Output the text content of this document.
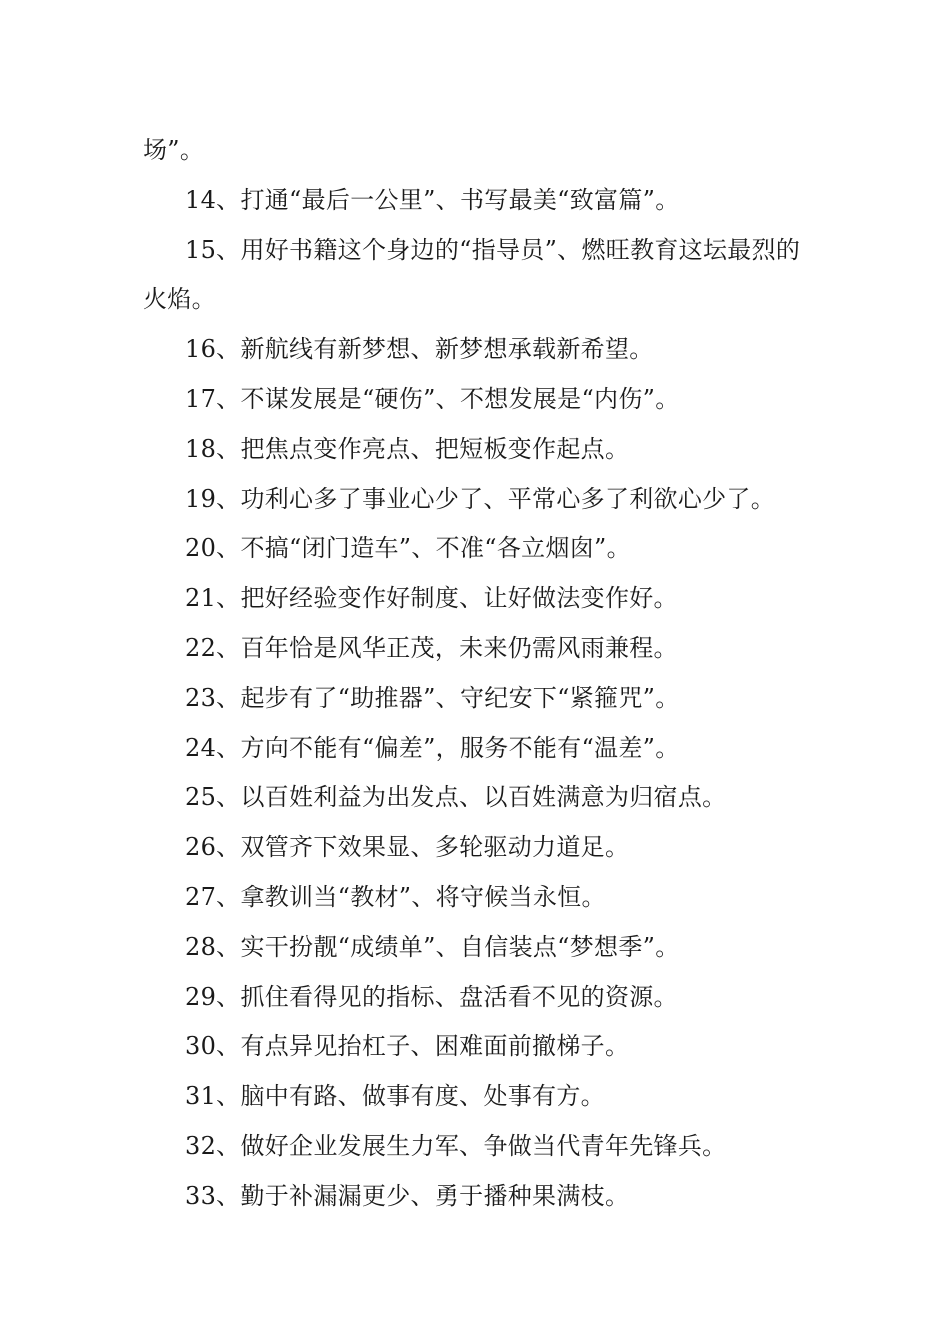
场”。

14、打通“最后一公里”、书写最美“致富篇”。

15、用好书籍这个身边的“指导员”、燃旺教育这坛最烈的火焰。

16、新航线有新梦想、新梦想承载新希望。

17、不谋发展是“硬伤”、不想发展是“内伤”。

18、把焦点变作亮点、把短板变作起点。

19、功利心多了事业心少了、平常心多了利欲心少了。

20、不搞“闭门造车”、不准“各立烟囱”。

21、把好经验变作好制度、让好做法变作好。

22、百年恰是风华正茂，未来仍需风雨兼程。

23、起步有了“助推器”、守纪安下“紧箍咒”。

24、方向不能有“偏差”，服务不能有“温差”。

25、以百姓利益为出发点、以百姓满意为归宿点。

26、双管齐下效果显、多轮驱动力道足。

27、拿教训当“教材”、将守候当永恒。

28、实干扮靓“成绩单”、自信装点“梦想季”。

29、抓住看得见的指标、盘活看不见的资源。

30、有点异见抬杠子、困难面前撤梯子。

31、脑中有路、做事有度、处事有方。

32、做好企业发展生力军、争做当代青年先锋兵。

33、勤于补漏漏更少、勇于播种果满枝。
